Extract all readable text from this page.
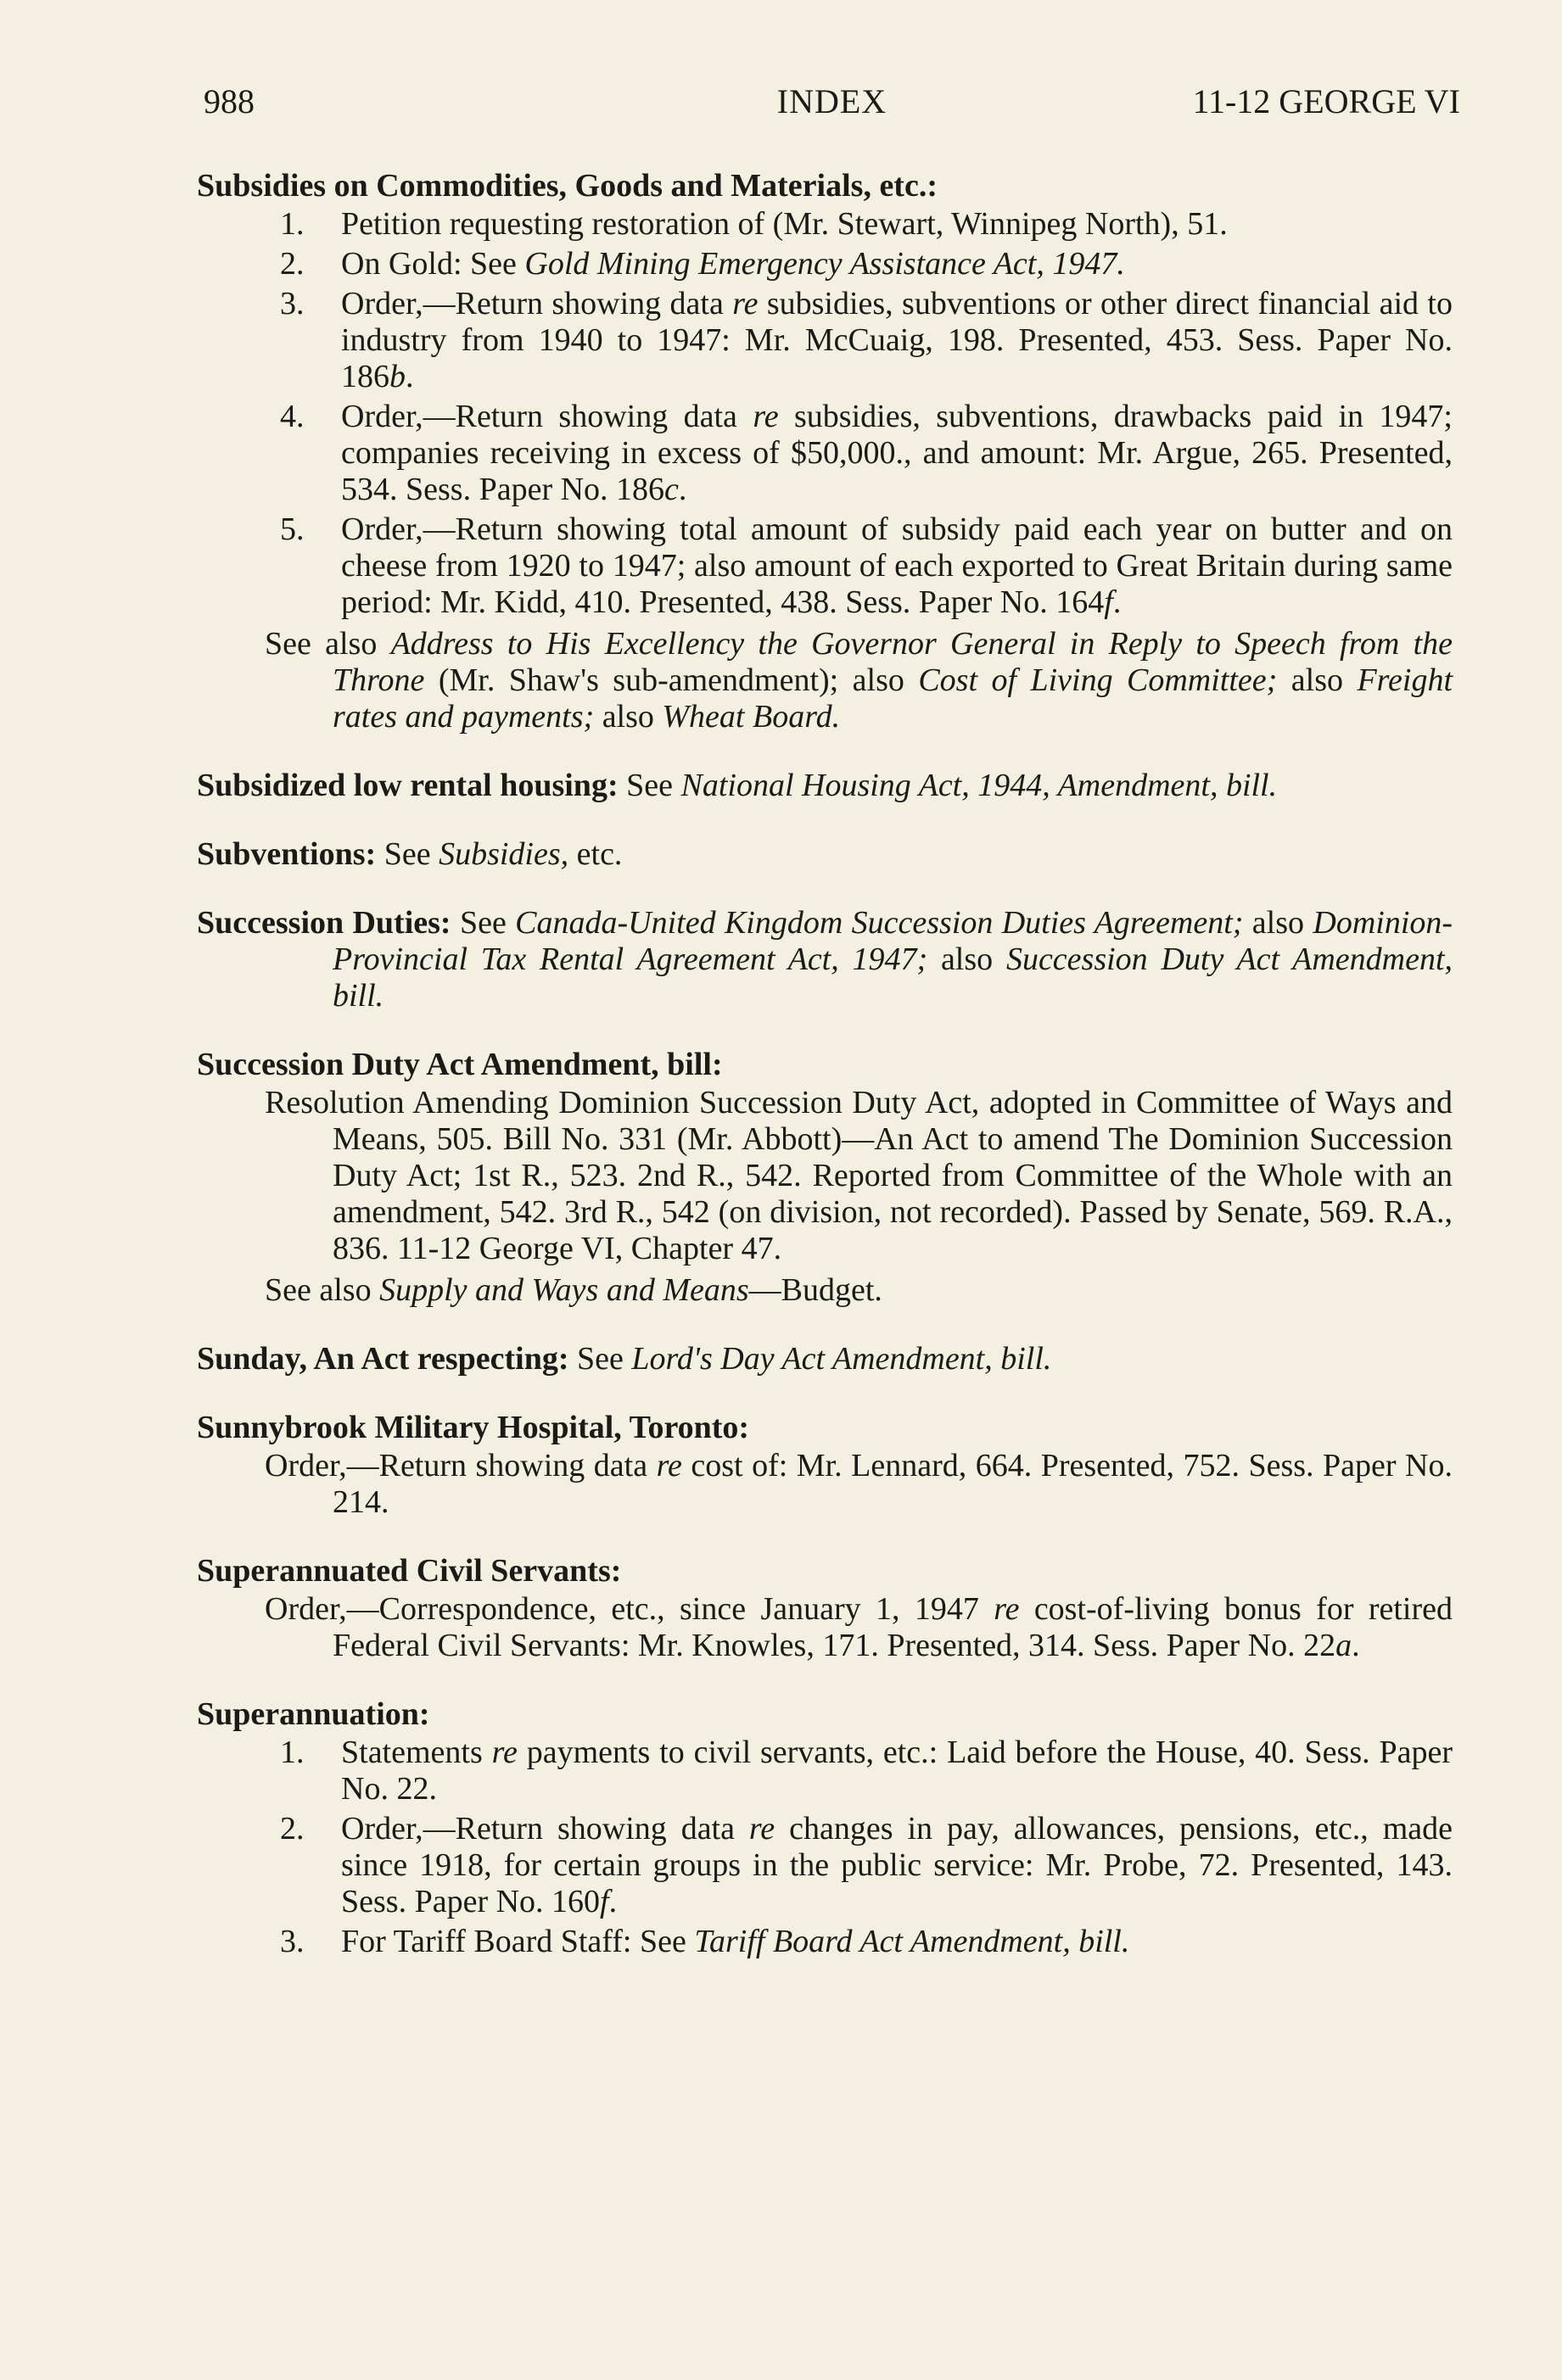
988	INDEX	11-12 GEORGE VI
Subsidies on Commodities, Goods and Materials, etc.:
1. Petition requesting restoration of (Mr. Stewart, Winnipeg North), 51.
2. On Gold: See Gold Mining Emergency Assistance Act, 1947.
3. Order,—Return showing data re subsidies, subventions or other direct financial aid to industry from 1940 to 1947: Mr. McCuaig, 198. Presented, 453. Sess. Paper No. 186b.
4. Order,—Return showing data re subsidies, subventions, drawbacks paid in 1947; companies receiving in excess of $50,000., and amount: Mr. Argue, 265. Presented, 534. Sess. Paper No. 186c.
5. Order,—Return showing total amount of subsidy paid each year on butter and on cheese from 1920 to 1947; also amount of each exported to Great Britain during same period: Mr. Kidd, 410. Presented, 438. Sess. Paper No. 164f.
See also Address to His Excellency the Governor General in Reply to Speech from the Throne (Mr. Shaw's sub-amendment); also Cost of Living Committee; also Freight rates and payments; also Wheat Board.
Subsidized low rental housing: See National Housing Act, 1944, Amendment, bill.
Subventions: See Subsidies, etc.
Succession Duties: See Canada-United Kingdom Succession Duties Agreement; also Dominion-Provincial Tax Rental Agreement Act, 1947; also Succession Duty Act Amendment, bill.
Succession Duty Act Amendment, bill:
Resolution Amending Dominion Succession Duty Act, adopted in Committee of Ways and Means, 505. Bill No. 331 (Mr. Abbott)—An Act to amend The Dominion Succession Duty Act; 1st R., 523. 2nd R., 542. Reported from Committee of the Whole with an amendment, 542. 3rd R., 542 (on division, not recorded). Passed by Senate, 569. R.A., 836. 11-12 George VI, Chapter 47.
See also Supply and Ways and Means—Budget.
Sunday, An Act respecting: See Lord's Day Act Amendment, bill.
Sunnybrook Military Hospital, Toronto:
Order,—Return showing data re cost of: Mr. Lennard, 664. Presented, 752. Sess. Paper No. 214.
Superannuated Civil Servants:
Order,—Correspondence, etc., since January 1, 1947 re cost-of-living bonus for retired Federal Civil Servants: Mr. Knowles, 171. Presented, 314. Sess. Paper No. 22a.
Superannuation:
1. Statements re payments to civil servants, etc.: Laid before the House, 40. Sess. Paper No. 22.
2. Order,—Return showing data re changes in pay, allowances, pensions, etc., made since 1918, for certain groups in the public service: Mr. Probe, 72. Presented, 143. Sess. Paper No. 160f.
3. For Tariff Board Staff: See Tariff Board Act Amendment, bill.
